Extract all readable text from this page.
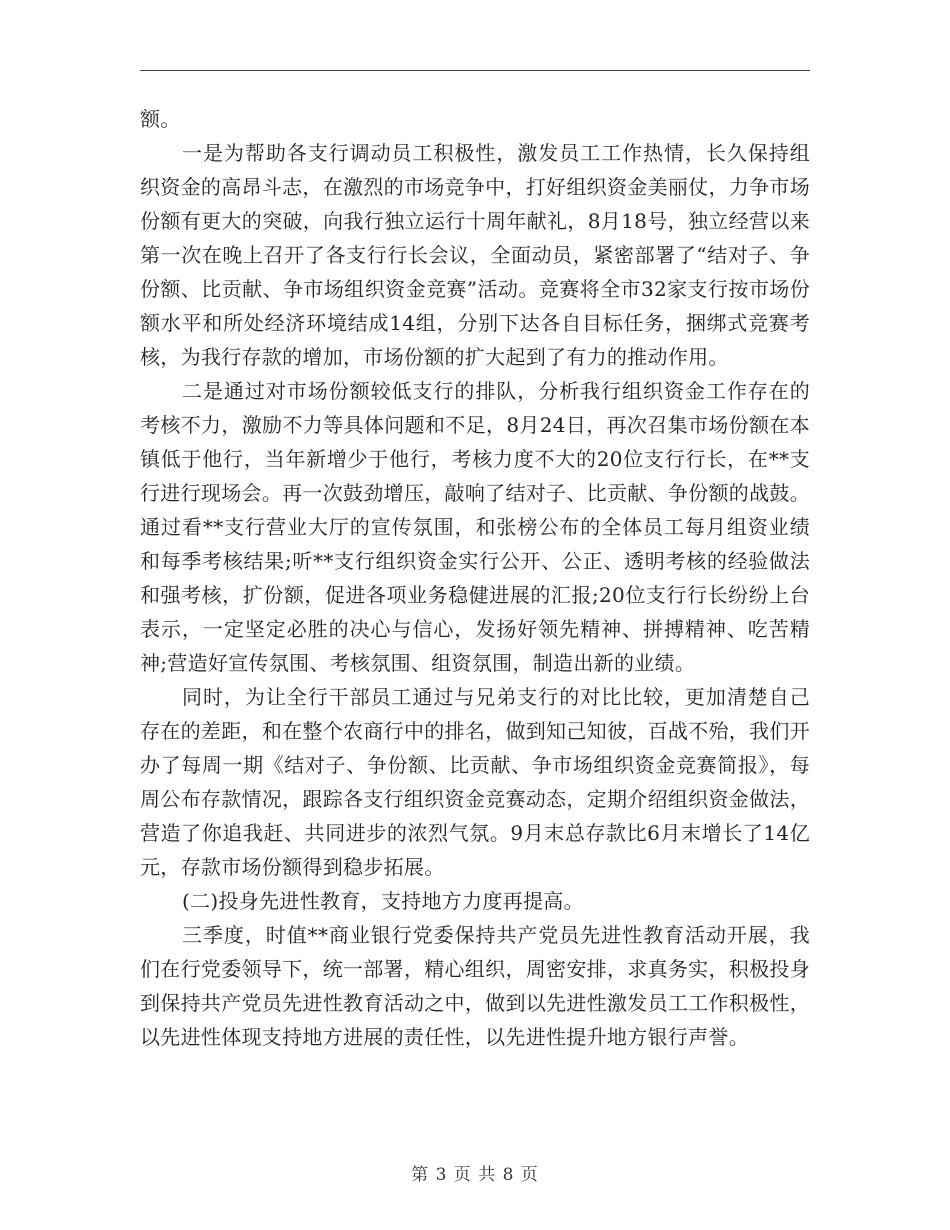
额。

一是为帮助各支行调动员工积极性，激发员工工作热情，长久保持组织资金的高昂斗志，在激烈的市场竞争中，打好组织资金美丽仗，力争市场份额有更大的突破，向我行独立运行十周年献礼，8月18号，独立经营以来第一次在晚上召开了各支行行长会议，全面动员，紧密部署了“结对子、争份额、比贡献、争市场组织资金竞赛”活动。竞赛将全市32家支行按市场份额水平和所处经济环境结成14组，分别下达各自目标任务，捆绑式竞赛考核，为我行存款的增加，市场份额的扩大起到了有力的推动作用。

二是通过对市场份额较低支行的排队，分析我行组织资金工作存在的考核不力，激励不力等具体问题和不足，8月24日，再次召集市场份额在本镇低于他行，当年新增少于他行，考核力度不大的20位支行行长，在**支行进行现场会。再一次鼓劲增压，敲响了结对子、比贡献、争份额的战鼓。通过看**支行营业大厅的宣传氛围，和张榜公布的全体员工每月组资业绩和每季考核结果;听**支行组织资金实行公开、公正、透明考核的经验做法和强考核，扩份额，促进各项业务稳健进展的汇报;20位支行行长纷纷上台表示，一定坚定必胜的决心与信心，发扬好领先精神、拼搏精神、吃苦精神;营造好宣传氛围、考核氛围、组资氛围，制造出新的业绩。

同时，为让全行干部员工通过与兄弟支行的对比比较，更加清楚自己存在的差距，和在整个农商行中的排名，做到知己知彼，百战不殆，我们开办了每周一期《结对子、争份额、比贡献、争市场组织资金竞赛简报》，每周公布存款情况，跟踪各支行组织资金竞赛动态，定期介绍组织资金做法，营造了你追我赶、共同进步的浓烈气氛。9月末总存款比6月末增长了14亿元，存款市场份额得到稳步拓展。

(二)投身先进性教育，支持地方力度再提高。

三季度，时值**商业银行党委保持共产党员先进性教育活动开展，我们在行党委领导下，统一部署，精心组织，周密安排，求真务实，积极投身到保持共产党员先进性教育活动之中，做到以先进性激发员工工作积极性，以先进性体现支持地方进展的责任性，以先进性提升地方银行声誉。

第 3 页 共 8 页
